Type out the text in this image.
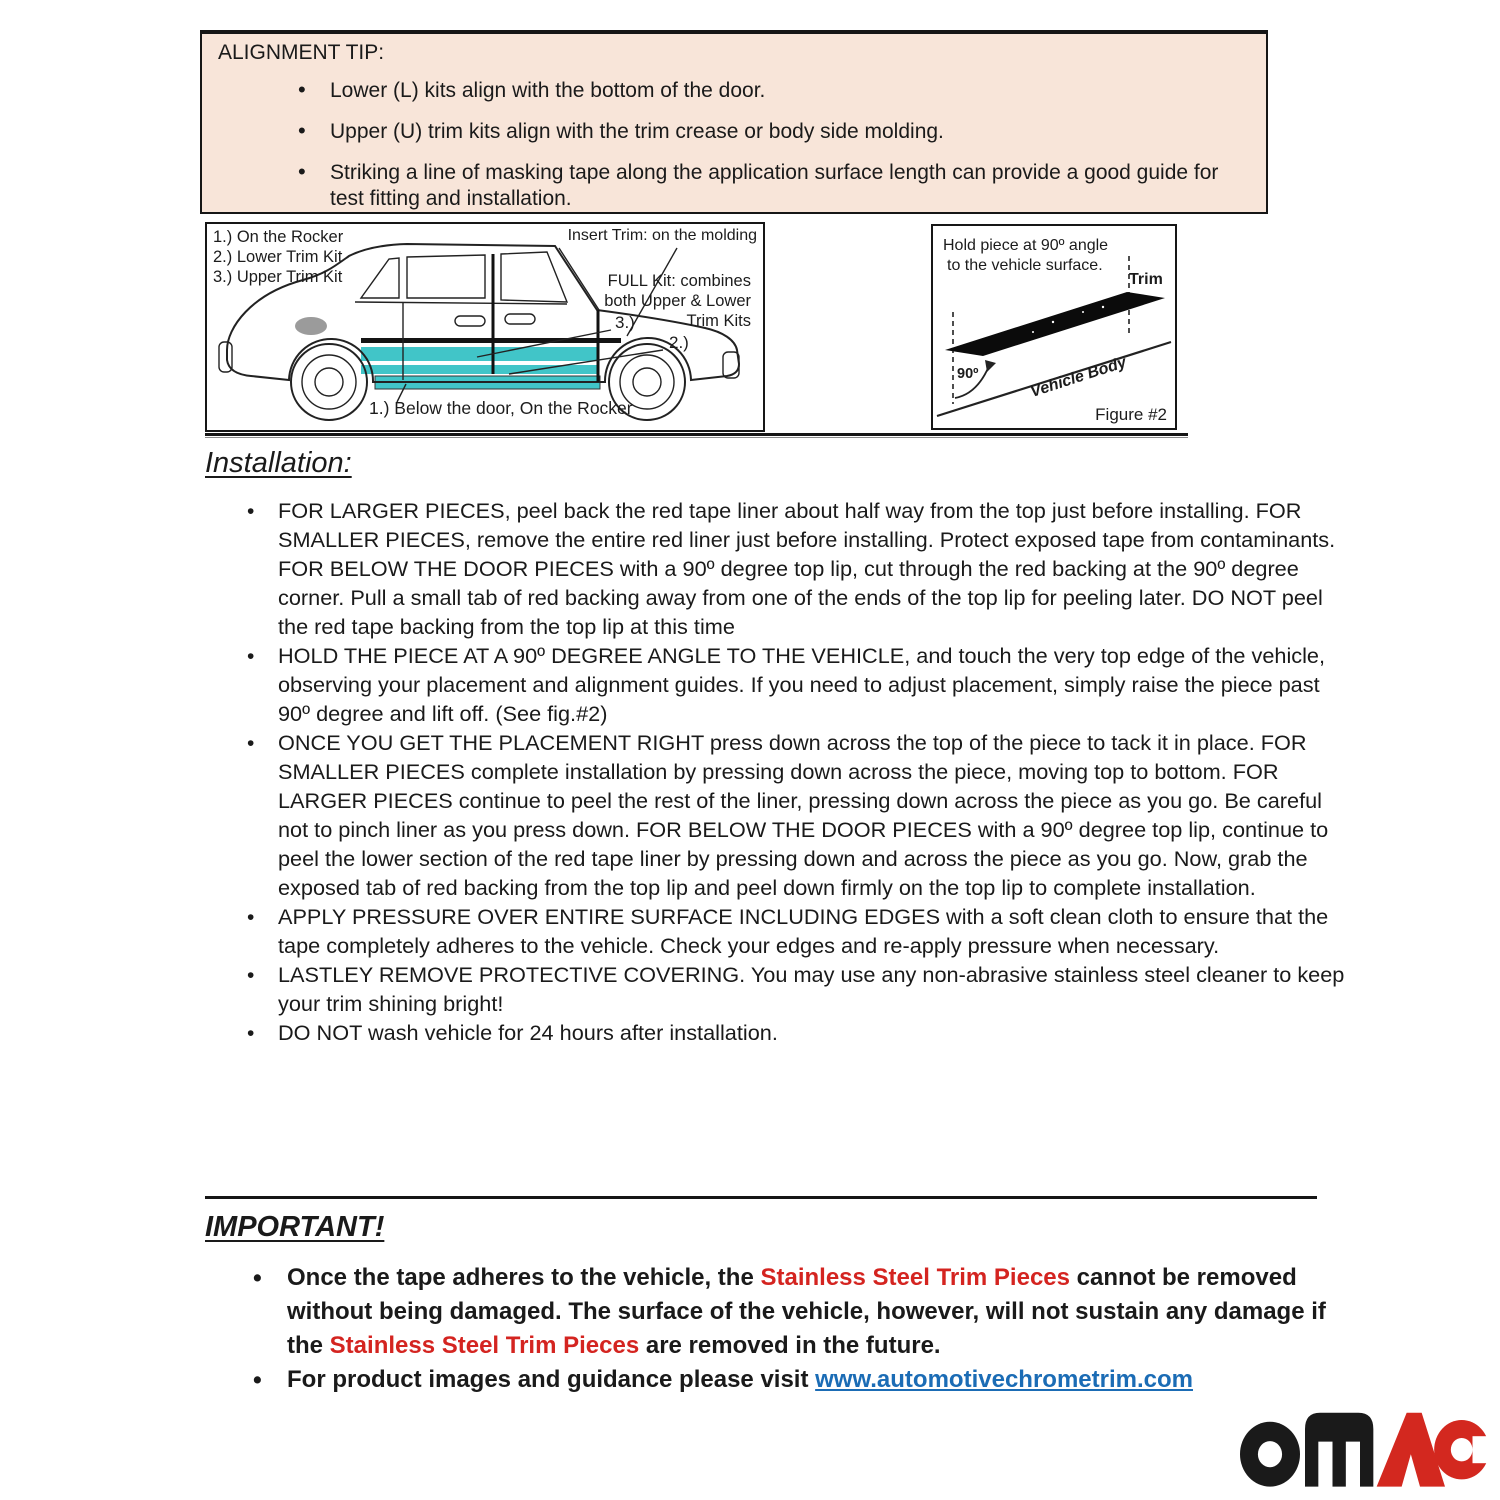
ALIGNMENT TIP:
• Lower (L) kits align with the bottom of the door.
• Upper (U) trim kits align with the trim crease or body side molding.
• Striking a line of masking tape along the application surface length can provide a good guide for test fitting and installation.
1.) On the Rocker
2.) Lower Trim Kit
3.) Upper Trim Kit
Insert Trim: on the molding
FULL Kit: combines
both Upper & Lower
Trim Kits
3.)
2.)
1.) Below the door, On the Rocker
Hold piece at 90º angle
to the vehicle surface.
90º	Vehicle Body
Trim
Figure #2
Installation:
• FOR LARGER PIECES, peel back the red tape liner about half way from the top just before installing. FOR SMALLER PIECES, remove the entire red liner just before installing. Protect exposed tape from contaminants. FOR BELOW THE DOOR PIECES with a 90º degree top lip, cut through the red backing at the 90º degree corner. Pull a small tab of red backing away from one of the ends of the top lip for peeling later. DO NOT peel the red tape backing from the top lip at this time
• HOLD THE PIECE AT A 90º DEGREE ANGLE TO THE VEHICLE, and touch the very top edge of the vehicle, observing your placement and alignment guides. If you need to adjust placement, simply raise the piece past 90º degree and lift off. (See fig.#2)
• ONCE YOU GET THE PLACEMENT RIGHT press down across the top of the piece to tack it in place. FOR SMALLER PIECES complete installation by pressing down across the piece, moving top to bottom. FOR LARGER PIECES continue to peel the rest of the liner, pressing down across the piece as you go. Be careful not to pinch liner as you press down. FOR BELOW THE DOOR PIECES with a 90º degree top lip, continue to peel the lower section of the red tape liner by pressing down and across the piece as you go. Now, grab the exposed tab of red backing from the top lip and peel down firmly on the top lip to complete installation.
• APPLY PRESSURE OVER ENTIRE SURFACE INCLUDING EDGES with a soft clean cloth to ensure that the tape completely adheres to the vehicle. Check your edges and re-apply pressure when necessary.
• LASTLEY REMOVE PROTECTIVE COVERING. You may use any non-abrasive stainless steel cleaner to keep your trim shining bright!
• DO NOT wash vehicle for 24 hours after installation.
IMPORTANT!
• Once the tape adheres to the vehicle, the Stainless Steel Trim Pieces cannot be removed without being damaged. The surface of the vehicle, however, will not sustain any damage if the Stainless Steel Trim Pieces are removed in the future.
• For product images and guidance please visit www.automotivechrometrim.com
